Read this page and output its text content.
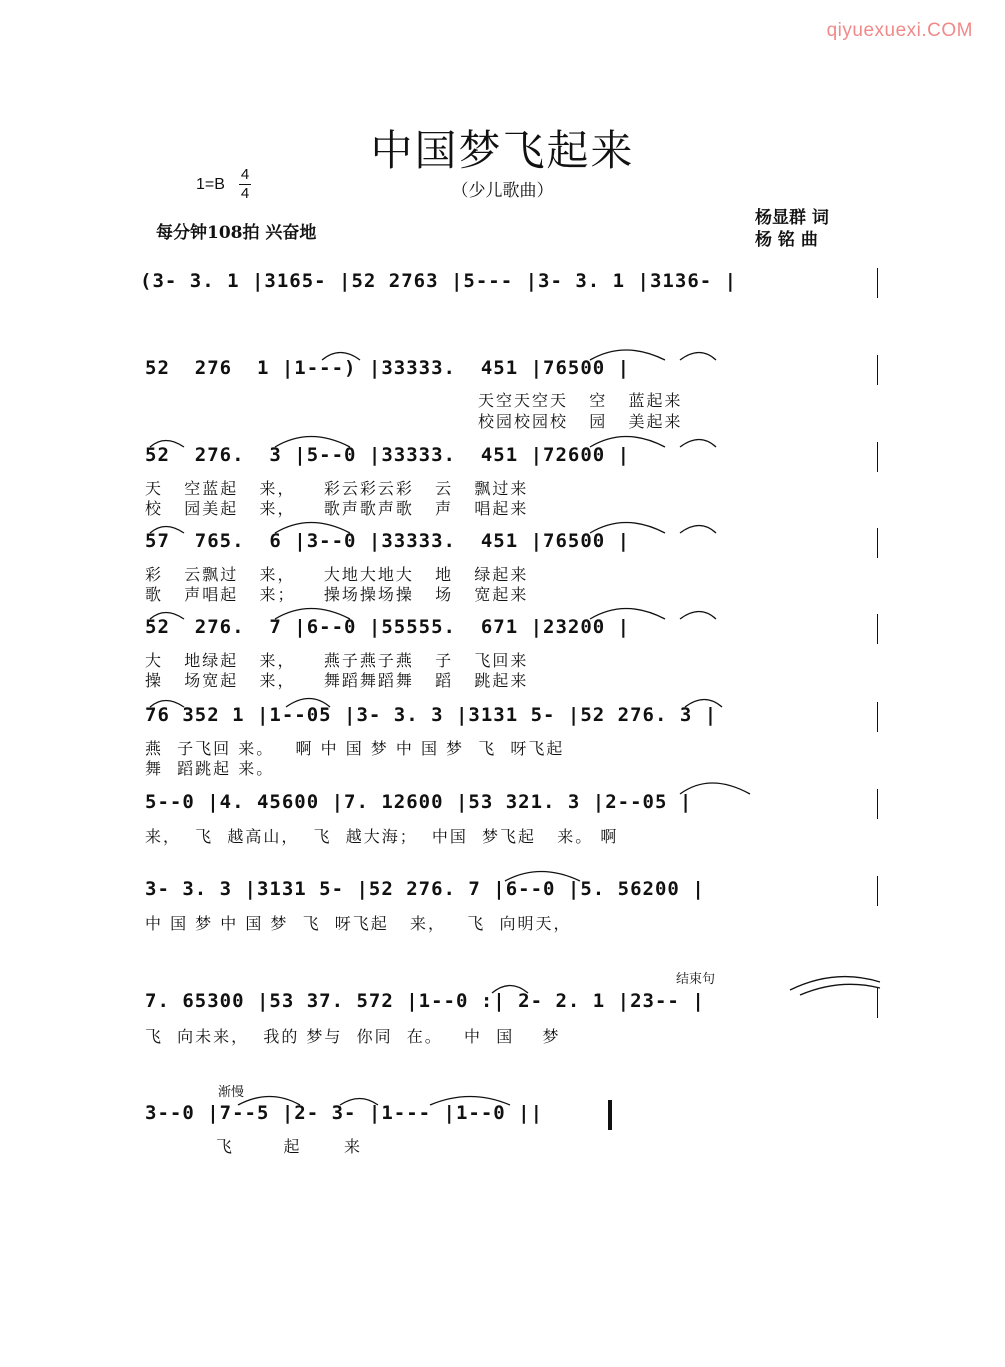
qiyuexuexi.COM
中国梦飞起来
（少儿歌曲）
1=B
4
4
每分钟108拍 兴奋地
杨显群 词
杨 铭 曲
(3- 3. 1 |3165- |52 2763 |5--- |3- 3. 1 |3136- |
52  276  1 |1---) |33333.  451 |76500 |
天空天空天   空   蓝起来
校园校园校   园   美起来
52  276.  3 |5--0 |33333.  451 |72600 |
天   空蓝起   来，    彩云彩云彩   云   飘过来
校   园美起   来，    歌声歌声歌   声   唱起来
57  765.  6 |3--0 |33333.  451 |76500 |
彩   云飘过   来，    大地大地大   地   绿起来
歌   声唱起   来；    操场操场操   场   宽起来
52  276.  7 |6--0 |55555.  671 |23200 |
大   地绿起   来，    燕子燕子燕   子   飞回来
操   场宽起   来，    舞蹈舞蹈舞   蹈   跳起来
76 352 1 |1--05 |3- 3. 3 |3131 5- |52 276. 3 |
燕  子飞回 来。   啊 中 国 梦 中 国 梦  飞  呀飞起
舞  蹈跳起 来。
5--0 |4. 45600 |7. 12600 |53 321. 3 |2--05 |
来，  飞  越高山，  飞  越大海；  中国  梦飞起   来。 啊
3- 3. 3 |3131 5- |52 276. 7 |6--0 |5. 56200 |
中 国 梦 中 国 梦  飞  呀飞起   来，   飞  向明天，
结束句
7. 65300 |53 37. 572 |1--0 :| 2- 2. 1 |23-- |
飞  向未来，  我的 梦与  你同  在。   中  国    梦
渐慢
3--0 |7--5 |2- 3- |1--- |1--0 ||
飞       起      来
